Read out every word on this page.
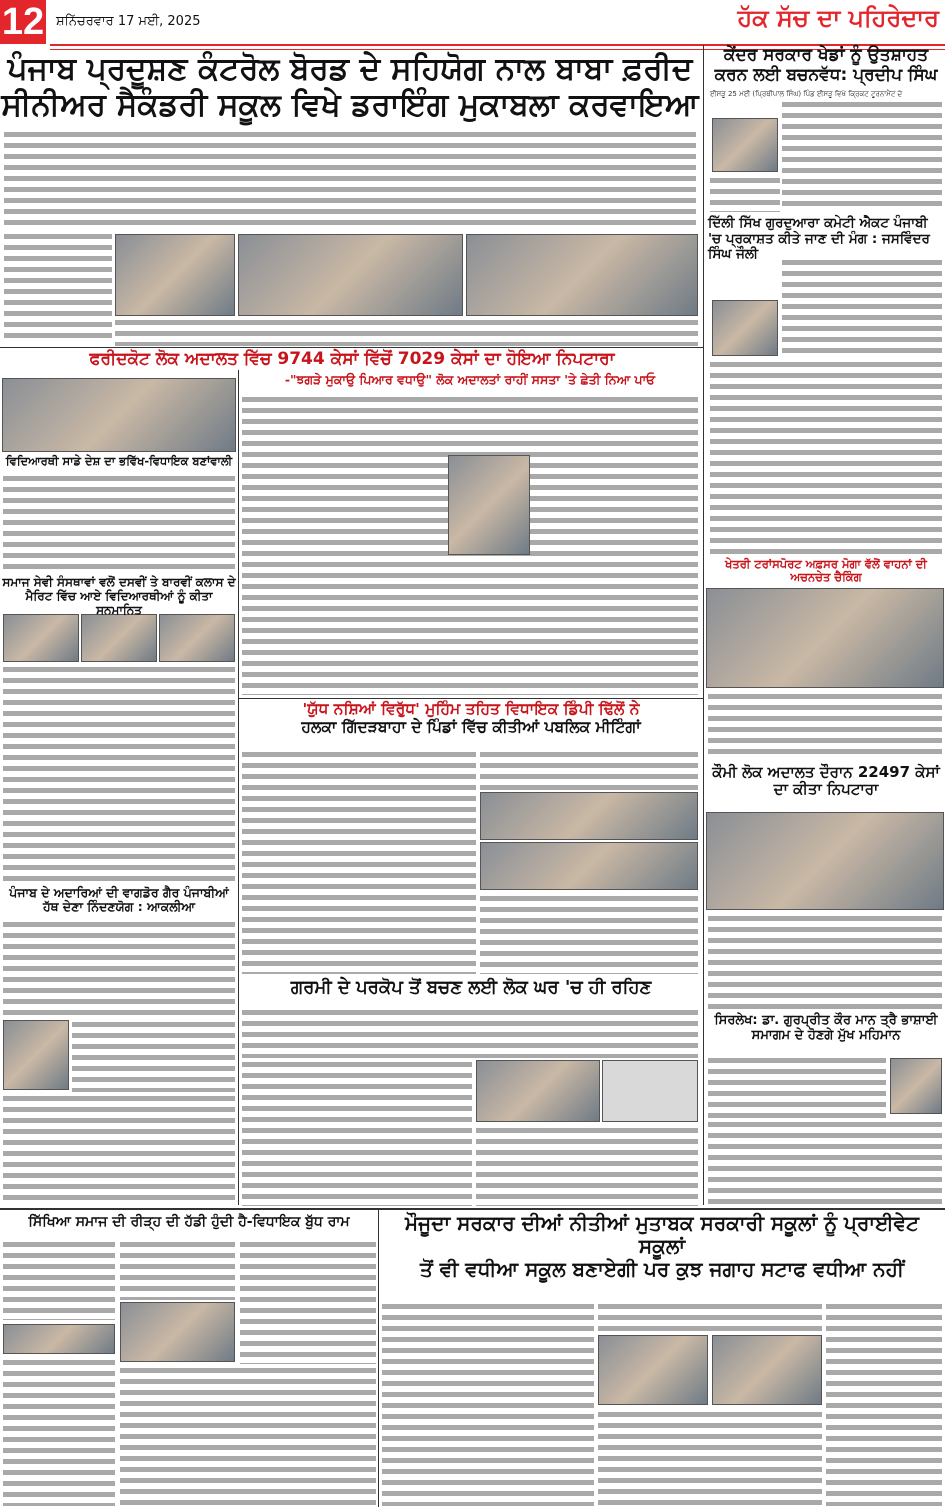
12 ਸ਼ਨਿੱਚਰਵਾਰ 17 ਮਈ, 2025	ਹੱਕ ਸੱਚ ਦਾ ਪਹਿਰੇਦਾਰ
ਪੰਜਾਬ ਪ੍ਰਦੂਸ਼ਣ ਕੰਟਰੋਲ ਬੋਰਡ ਦੇ ਸਹਿਯੋਗ ਨਾਲ ਬਾਬਾ ਫ਼ਰੀਦ
ਸੀਨੀਅਰ ਸੈਕੰਡਰੀ ਸਕੂਲ ਵਿਖੇ ਡਰਾਇੰਗ ਮੁਕਾਬਲਾ ਕਰਵਾਇਆ
ਕੇਂਦਰ ਸਰਕਾਰ ਖੇਡਾਂ ਨੂੰ ਉਤਸ਼ਾਹਤ ਕਰਨ ਲਈ ਬਚਨਵੱਧ: ਪ੍ਰਦੀਪ ਸਿੰਘ
ਈਸੜੂ 25 ਮਈ (ਪ੍ਰਿਥੀਪਾਲ ਸਿੰਘ) ਪਿੰਡ ਈਸੜੂ ਵਿਖੇ ਕ੍ਰਿਕਟ ਟੂਰਨਾਮੈਂਟ ਦੇ
ਦਿੱਲੀ ਸਿੱਖ ਗੁਰਦੁਆਰਾ ਕਮੇਟੀ ਐਕਟ ਪੰਜਾਬੀ 'ਚ ਪ੍ਰਕਾਸ਼ਤ ਕੀਤੇ ਜਾਣ ਦੀ ਮੰਗ : ਜਸਵਿੰਦਰ ਸਿੰਘ ਜੌਲੀ
ਖੇਤਰੀ ਟਰਾਂਸਪੋਰਟ ਅਫ਼ਸਰ ਮੋਗਾ ਵੱਲੋਂ ਵਾਹਨਾਂ ਦੀ ਅਚਨਚੇਤ ਚੈਕਿੰਗ
ਕੌਮੀ ਲੋਕ ਅਦਾਲਤ ਦੌਰਾਨ 22497 ਕੇਸਾਂ ਦਾ ਕੀਤਾ ਨਿਪਟਾਰਾ
ਸਿਰਲੇਖ: ਡਾ. ਗੁਰਪ੍ਰੀਤ ਕੌਰ ਮਾਨ ਤ੍ਰੈ ਭਾਸ਼ਾਈ ਸਮਾਗਮ ਦੇ ਹੋਣਗੇ ਮੁੱਖ ਮਹਿਮਾਨ
ਫਰੀਦਕੋਟ ਲੋਕ ਅਦਾਲਤ ਵਿੱਚ 9744 ਕੇਸਾਂ ਵਿੱਚੋਂ 7029 ਕੇਸਾਂ ਦਾ ਹੋਇਆ ਨਿਪਟਾਰਾ
-"ਝਗੜੇ ਮੁਕਾਉ ਪਿਆਰ ਵਧਾਉ" ਲੋਕ ਅਦਾਲਤਾਂ ਰਾਹੀਂ ਸਸਤਾ 'ਤੇ ਛੇਤੀ ਨਿਆ ਪਾਓ
ਵਿਦਿਆਰਥੀ ਸਾਡੇ ਦੇਸ਼ ਦਾ ਭਵਿੱਖ-ਵਿਧਾਇਕ ਬਣਾਂਵਾਲੀ
ਸਮਾਜ ਸੇਵੀ ਸੰਸਥਾਵਾਂ ਵਲੋਂ ਦਸਵੀਂ ਤੇ ਬਾਰਵੀਂ ਕਲਾਸ ਦੇ ਮੈਰਿਟ ਵਿੱਚ ਆਏ ਵਿਦਿਆਰਥੀਆਂ ਨੂੰ ਕੀਤਾ ਸਨਮਾਨਿਤ
ਪੰਜਾਬ ਦੇ ਅਦਾਰਿਆਂ ਦੀ ਵਾਗਡੋਰ ਗੈਰ ਪੰਜਾਬੀਆਂ ਹੱਥ ਦੇਣਾ ਨਿੰਦਣਯੋਗ : ਆਕਲੀਆ
'ਯੁੱਧ ਨਸ਼ਿਆਂ ਵਿਰੁੱਧ' ਮੁਹਿੰਮ ਤਹਿਤ ਵਿਧਾਇਕ ਡਿੰਪੀ ਢਿੱਲੋਂ ਨੇ
ਹਲਕਾ ਗਿੱਦੜਬਾਹਾ ਦੇ ਪਿੰਡਾਂ ਵਿੱਚ ਕੀਤੀਆਂ ਪਬਲਿਕ ਮੀਟਿੰਗਾਂ
ਗਰਮੀ ਦੇ ਪਰਕੋਪ ਤੋਂ ਬਚਣ ਲਈ ਲੋਕ ਘਰ 'ਚ ਹੀ ਰਹਿਣ
ਸਿੱਖਿਆ ਸਮਾਜ ਦੀ ਰੀੜ੍ਹ ਦੀ ਹੱਡੀ ਹੁੰਦੀ ਹੈ-ਵਿਧਾਇਕ ਬੁੱਧ ਰਾਮ	ਮੌਜੂਦਾ ਸਰਕਾਰ ਦੀਆਂ ਨੀਤੀਆਂ ਮੁਤਾਬਕ ਸਰਕਾਰੀ ਸਕੂਲਾਂ ਨੂੰ ਪ੍ਰਾਈਵੇਟ ਸਕੂਲਾਂ
ਤੋਂ ਵੀ ਵਧੀਆ ਸਕੂਲ ਬਣਾਏਗੀ ਪਰ ਕੁਝ ਜਗਾਹ ਸਟਾਫ ਵਧੀਆ ਨਹੀਂ
